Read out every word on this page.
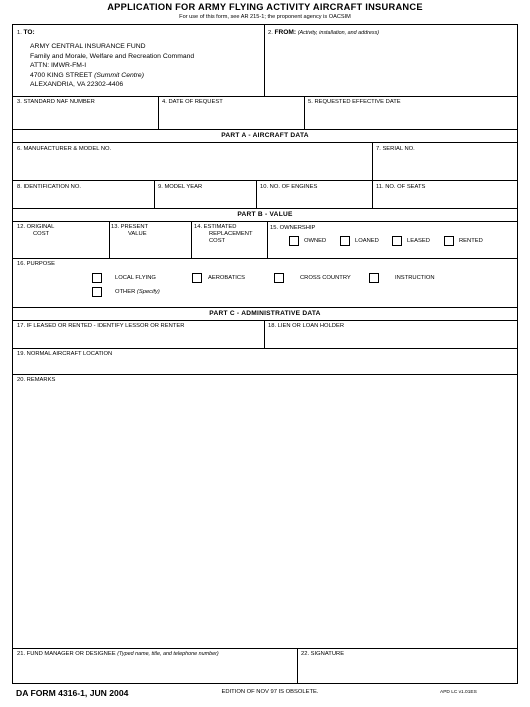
APPLICATION FOR ARMY FLYING ACTIVITY AIRCRAFT INSURANCE
For use of this form, see AR 215-1; the proponent agency is OACSIM
1. TO:
ARMY CENTRAL INSURANCE FUND
Family and Morale, Welfare and Recreation Command
ATTN: IMWR-FM-I
4700 KING STREET (Summit Centre)
ALEXANDRIA, VA 22302-4406
2. FROM: (Activity, installation, and address)
3. STANDARD NAF NUMBER	4. DATE OF REQUEST	5. REQUESTED EFFECTIVE DATE
PART A - AIRCRAFT DATA
6. MANUFACTURER & MODEL NO.	7. SERIAL NO.
8. IDENTIFICATION NO.	9. MODEL YEAR	10. NO. OF ENGINES	11. NO. OF SEATS
PART B - VALUE
12. ORIGINAL
COST
13. PRESENT
VALUE
14. ESTIMATED
REPLACEMENT
COST
15. OWNERSHIP
OWNED	LOANED	LEASED	RENTED
16. PURPOSE
LOCAL FLYING	AEROBATICS	CROSS COUNTRY	INSTRUCTION
OTHER (Specify)
PART C - ADMINISTRATIVE DATA
17. IF LEASED OR RENTED - IDENTIFY LESSOR OR RENTER	18. LIEN OR LOAN HOLDER
19. NORMAL AIRCRAFT LOCATION
20. REMARKS
21. FUND MANAGER OR DESIGNEE (Typed name, title, and telephone number)	22. SIGNATURE
DA FORM 4316-1, JUN 2004	EDITION OF NOV 97 IS OBSOLETE.	APD LC v1.01ES
